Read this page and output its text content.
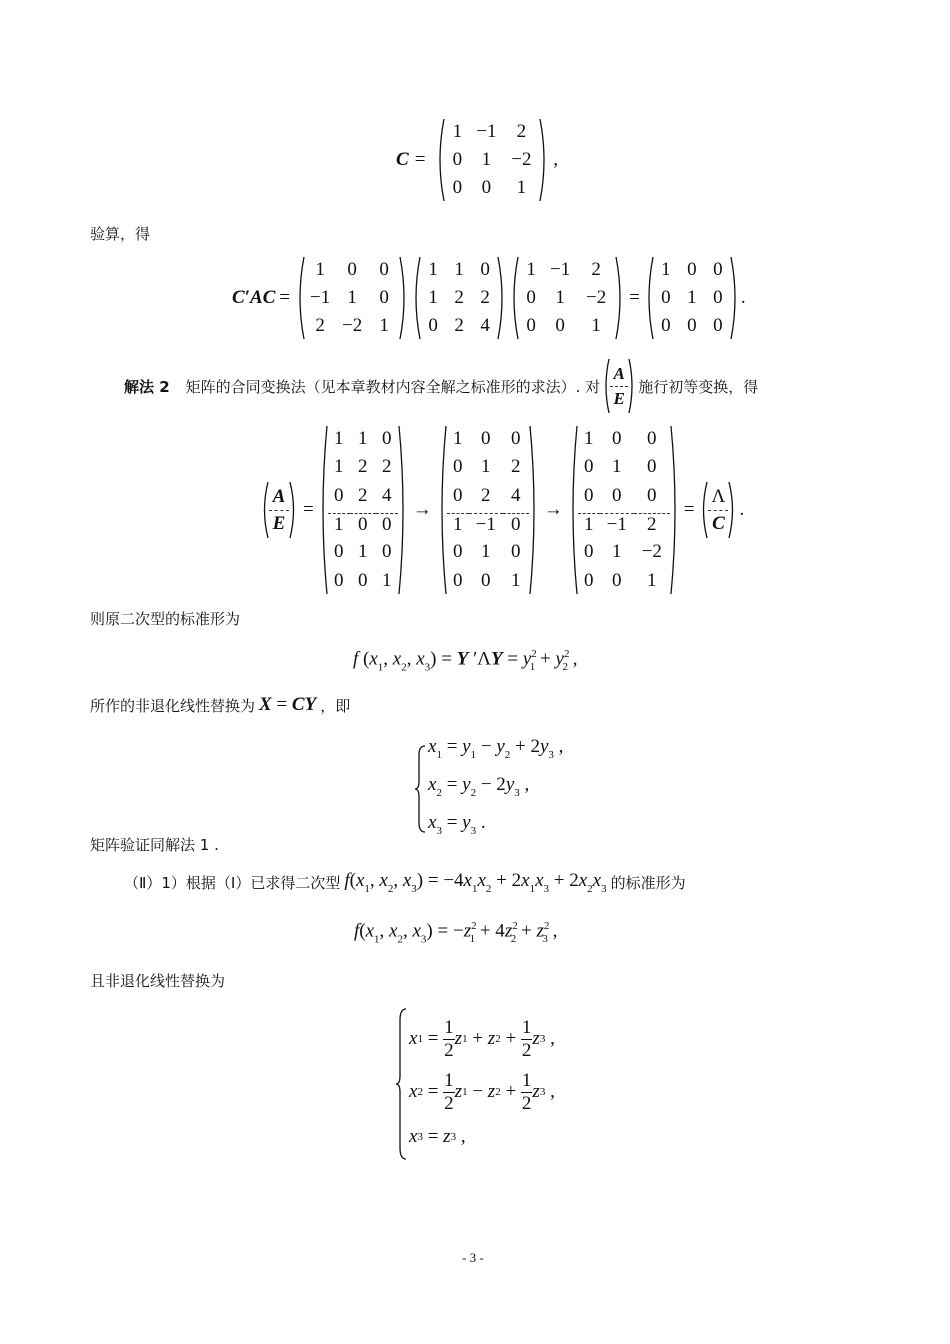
C =
1 −1	2
0	1	−2
0	0	1
,
验算，得
C′AC =
1	0	0
−1 1	0
2 −2 1
1 1 0
1 2 2
0 2 4
1 −1	2
0	1	−2
0	0	1
=
1 0 0
0 1 0
0 0 0
.
解法 2 矩阵的合同变换法（见本章教材内容全解之标准形的求法）. 对
A
E
施行初等变换，得
A
E
=
1 1 0
1 2 2
0 2 4
1 0 0
0 1 0
0 0 1
→
1 0	0
0 1	2
0 2	4
1 −1 0
0 1	0
0 0	1
→
1 0	0
0 1	0
0 0	0
1 −1	2
0 1	−2
0 0	1
=
Λ
C
.
则原二次型的标准形为
f ($x_1$, $x_2$, $x_3) = Y$ $'\Lambda Y = y^2_1 + y^2_2$ ,
所作的非退化线性替换为 X = CY ，即
$x_1 = y_1 - y_2 + 2y_3$ ,
$x_2 = y_2 - 2y_3$ ,
$x_3 = y_3$ .
矩阵验证同解法 1 .
（Ⅱ）1）根据（Ⅰ）已求得二次型 $f(x_1$, $x_2$, $x_3) = -4x_1x_2 + 2x_1x_3 + 2x_2x_3$ 的标准形为
$f(x_1$, $x_2$, $x_3) = -z^2_1 + 4z^2_2 + z^2_3$ ,
且非退化线性替换为
x $1 = \frac{1}{2}$ z 1 + z $2 + \frac{1}{2}$ z 3 ,
x $2 = \frac{1}{2}$ z 1 − z $2 + \frac{1}{2}$ z 3 ,
x 3 = z 3 ,
- 3 -
